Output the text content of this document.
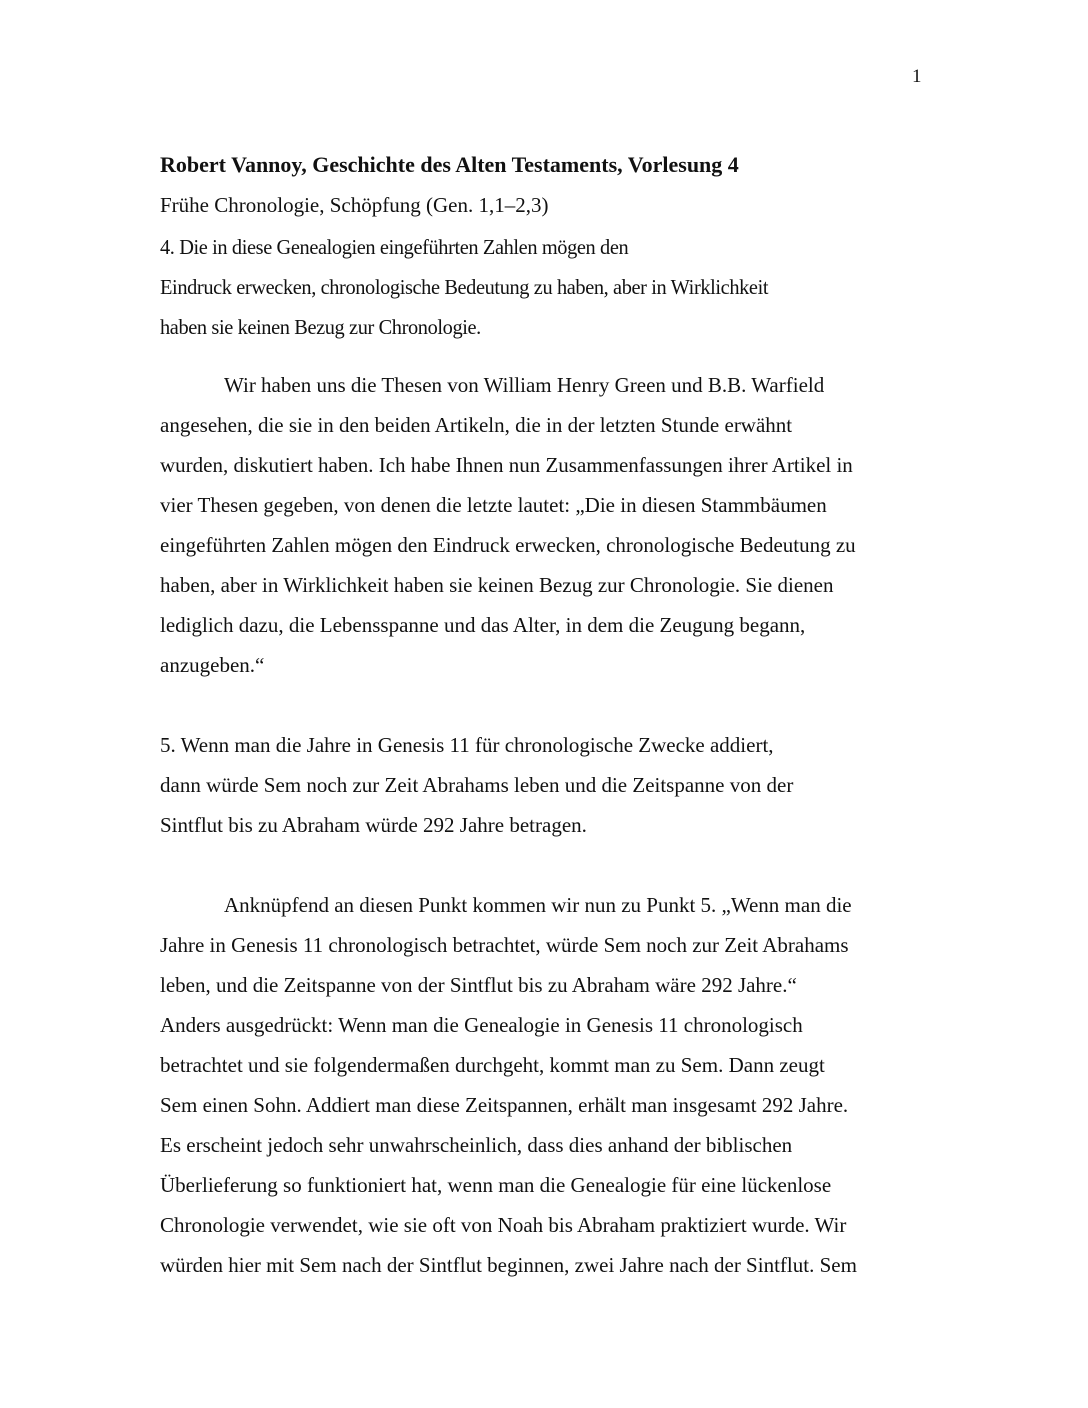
1
Robert Vannoy, Geschichte des Alten Testaments, Vorlesung 4
Frühe Chronologie, Schöpfung (Gen. 1,1–2,3)
4. Die in diese Genealogien eingeführten Zahlen mögen den
Eindruck erwecken, chronologische Bedeutung zu haben, aber in Wirklichkeit
haben sie keinen Bezug zur Chronologie.
Wir haben uns die Thesen von William Henry Green und B.B. Warfield
angesehen, die sie in den beiden Artikeln, die in der letzten Stunde erwähnt
wurden, diskutiert haben. Ich habe Ihnen nun Zusammenfassungen ihrer Artikel in
vier Thesen gegeben, von denen die letzte lautet: „Die in diesen Stammbäumen
eingeführten Zahlen mögen den Eindruck erwecken, chronologische Bedeutung zu
haben, aber in Wirklichkeit haben sie keinen Bezug zur Chronologie. Sie dienen
lediglich dazu, die Lebensspanne und das Alter, in dem die Zeugung begann,
anzugeben.“
5. Wenn man die Jahre in Genesis 11 für chronologische Zwecke addiert,
dann würde Sem noch zur Zeit Abrahams leben und die Zeitspanne von der
Sintflut bis zu Abraham würde 292 Jahre betragen.
Anknüpfend an diesen Punkt kommen wir nun zu Punkt 5. „Wenn man die
Jahre in Genesis 11 chronologisch betrachtet, würde Sem noch zur Zeit Abrahams
leben, und die Zeitspanne von der Sintflut bis zu Abraham wäre 292 Jahre.“
Anders ausgedrückt: Wenn man die Genealogie in Genesis 11 chronologisch
betrachtet und sie folgendermaßen durchgeht, kommt man zu Sem. Dann zeugt
Sem einen Sohn. Addiert man diese Zeitspannen, erhält man insgesamt 292 Jahre.
Es erscheint jedoch sehr unwahrscheinlich, dass dies anhand der biblischen
Überlieferung so funktioniert hat, wenn man die Genealogie für eine lückenlose
Chronologie verwendet, wie sie oft von Noah bis Abraham praktiziert wurde. Wir
würden hier mit Sem nach der Sintflut beginnen, zwei Jahre nach der Sintflut. Sem
